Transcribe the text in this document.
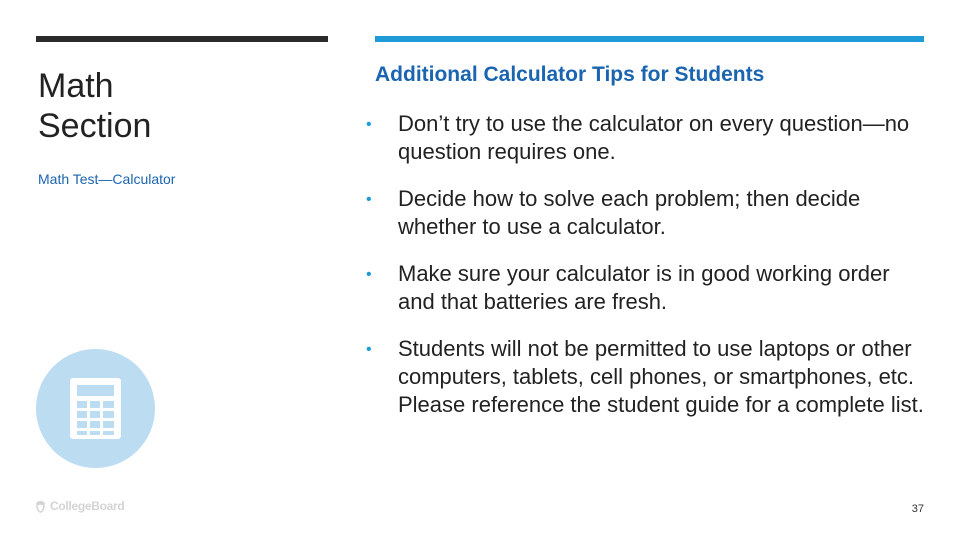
Math
Section
Math Test—Calculator
Additional Calculator Tips for Students
•
Don’t try to use the calculator on every question—no question requires one.
•
Decide how to solve each problem; then decide whether to use a calculator.
•
Make sure your calculator is in good working order and that batteries are fresh.
•
Students will not be permitted to use laptops or other computers, tablets, cell phones, or smartphones, etc. Please reference the student guide for a complete list.
CollegeBoard	37
